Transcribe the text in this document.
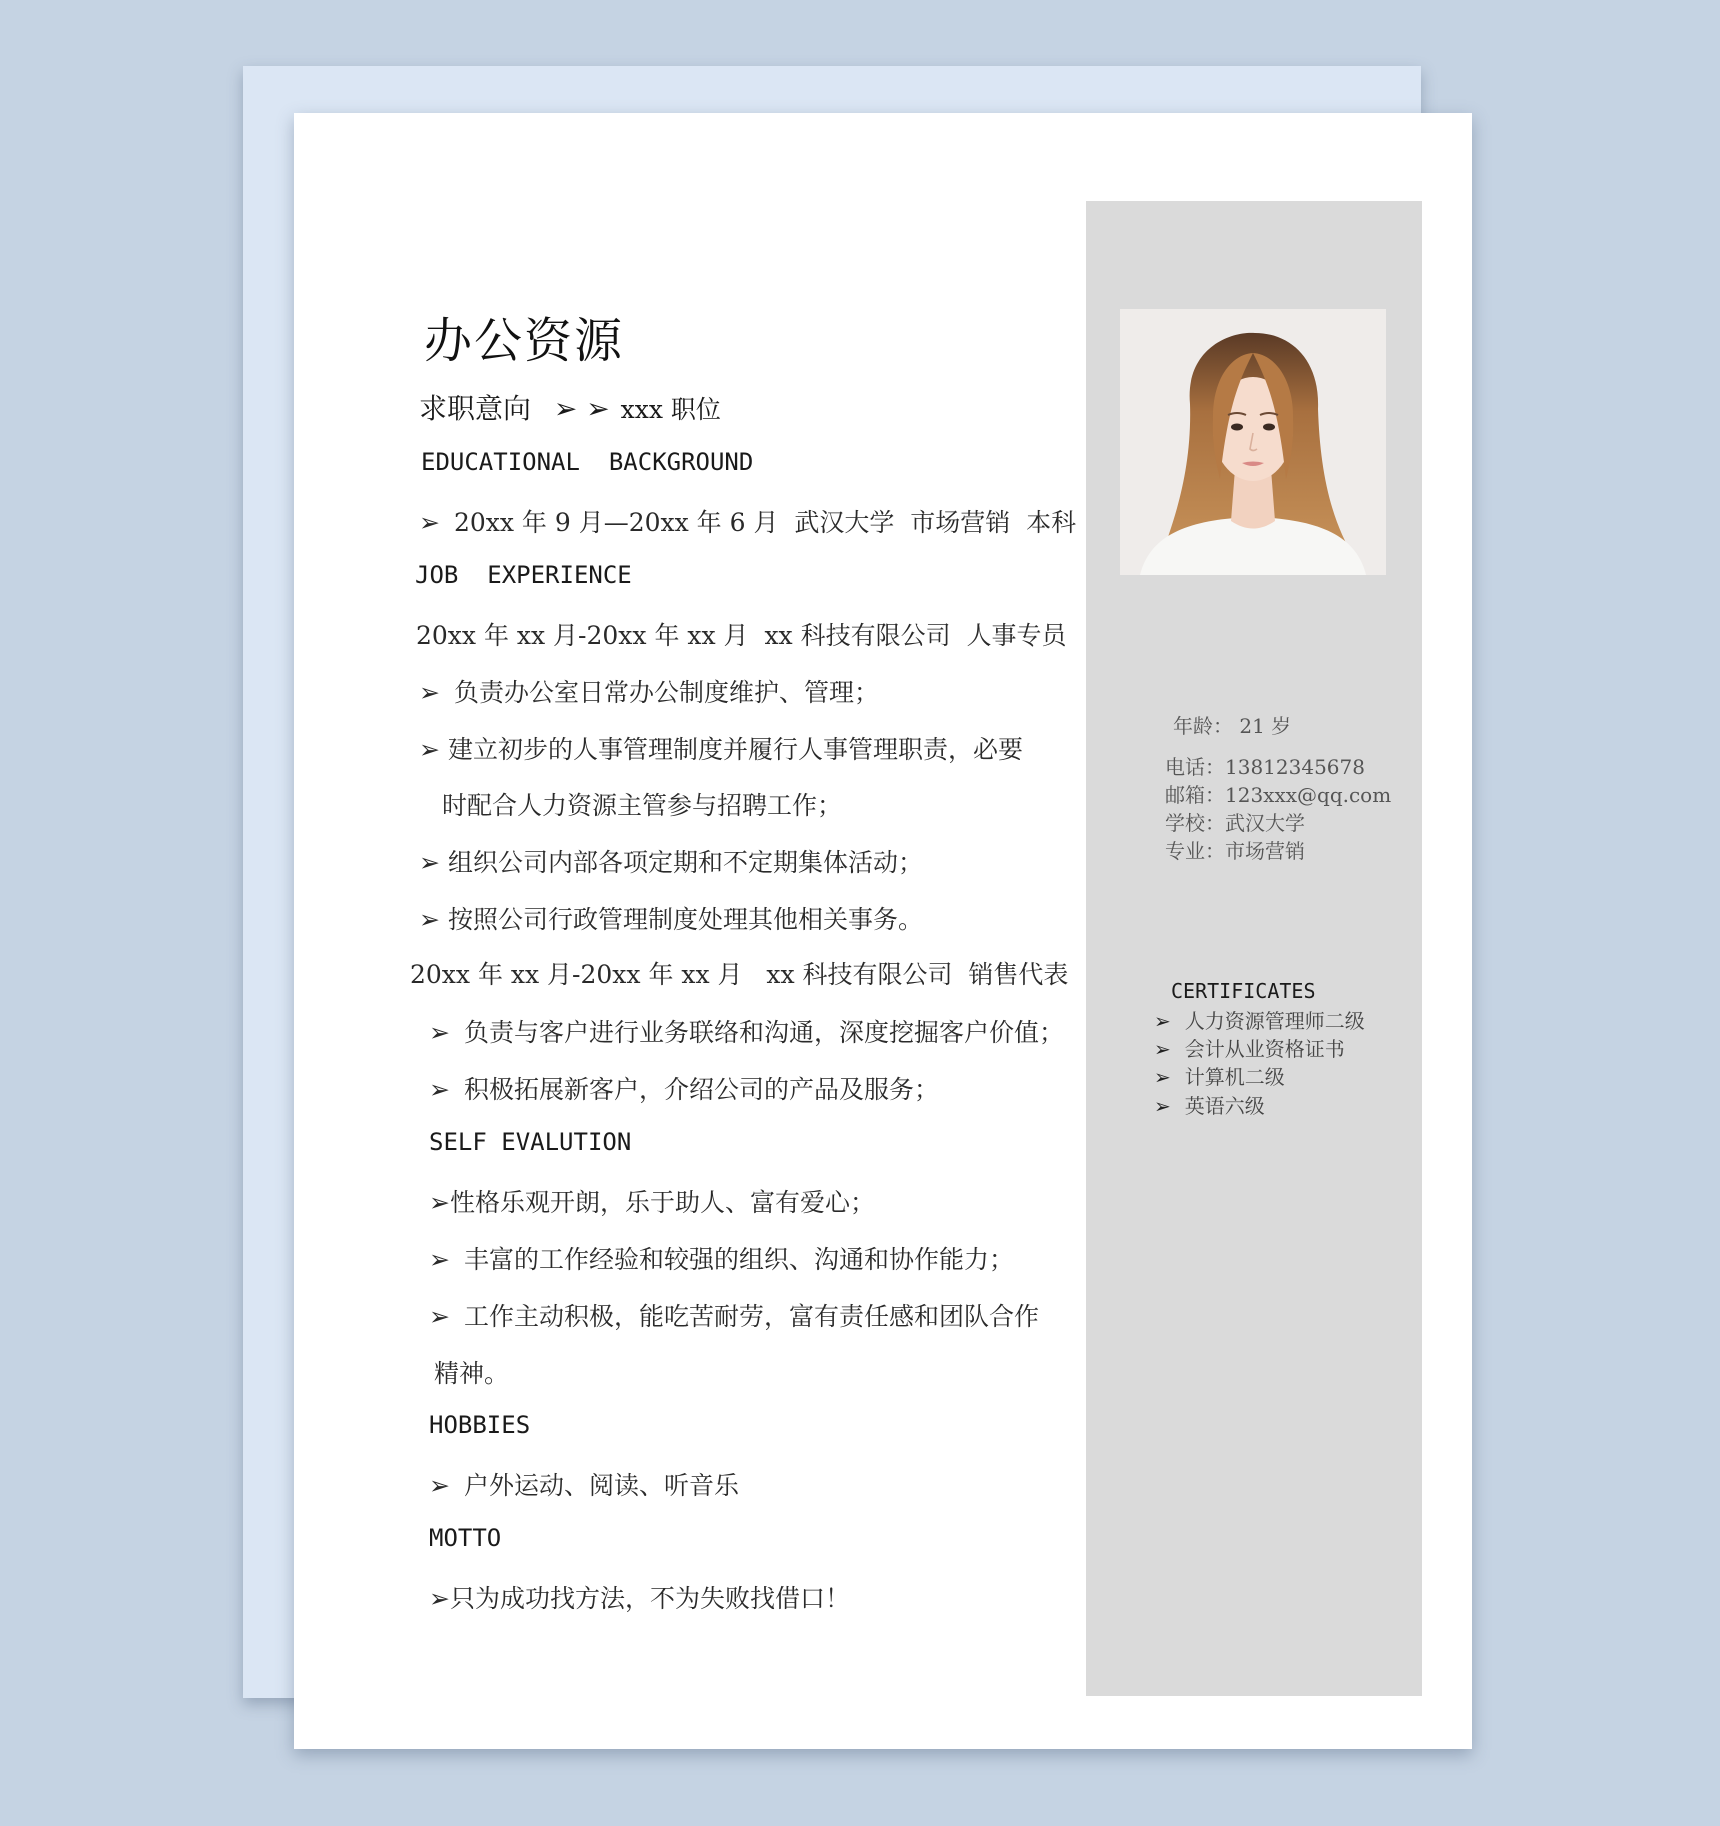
办公资源
求职意向 ➢ ➢ xxx 职位
EDUCATIONAL  BACKGROUND
➢ 20xx 年 9 月—20xx 年 6 月  武汉大学  市场营销  本科
JOB  EXPERIENCE
20xx 年 xx 月-20xx 年 xx 月  xx 科技有限公司  人事专员
➢ 负责办公室日常办公制度维护、管理；
➢ 建立初步的人事管理制度并履行人事管理职责，必要
时配合人力资源主管参与招聘工作；
➢ 组织公司内部各项定期和不定期集体活动；
➢ 按照公司行政管理制度处理其他相关事务。
20xx 年 xx 月-20xx 年 xx 月   xx 科技有限公司  销售代表
➢ 负责与客户进行业务联络和沟通，深度挖掘客户价值；
➢ 积极拓展新客户，介绍公司的产品及服务；
SELF EVALUTION
➢性格乐观开朗，乐于助人、富有爱心；
➢ 丰富的工作经验和较强的组织、沟通和协作能力；
➢ 工作主动积极，能吃苦耐劳，富有责任感和团队合作
精神。
HOBBIES
➢ 户外运动、阅读、听音乐
MOTTO
➢只为成功找方法，不为失败找借口！
年龄： 21 岁
电话：13812345678
邮箱：123xxx@qq.com
学校：武汉大学
专业：市场营销
CERTIFICATES
➢ 人力资源管理师二级
➢ 会计从业资格证书
➢ 计算机二级
➢ 英语六级
